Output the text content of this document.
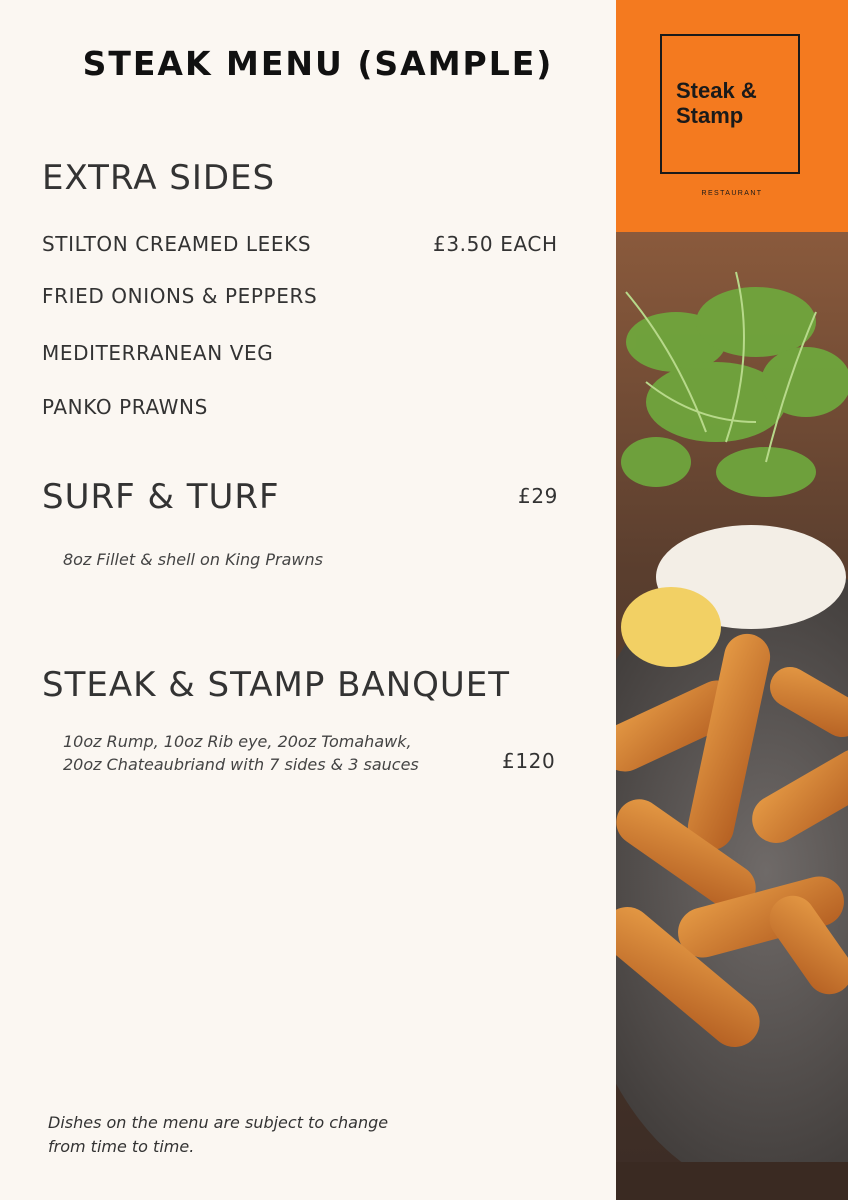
STEAK MENU (SAMPLE)
EXTRA SIDES
STILTON CREAMED LEEKS	£3.50 EACH
FRIED ONIONS & PEPPERS
MEDITERRANEAN VEG
PANKO PRAWNS
SURF & TURF	£29
8oz Fillet & shell on King Prawns
STEAK & STAMP BANQUET
10oz Rump, 10oz Rib eye, 20oz Tomahawk,
20oz Chateaubriand with 7 sides & 3 sauces	£120
Dishes on the menu are subject to change
from time to time.
Steak &
Stamp
RESTAURANT
